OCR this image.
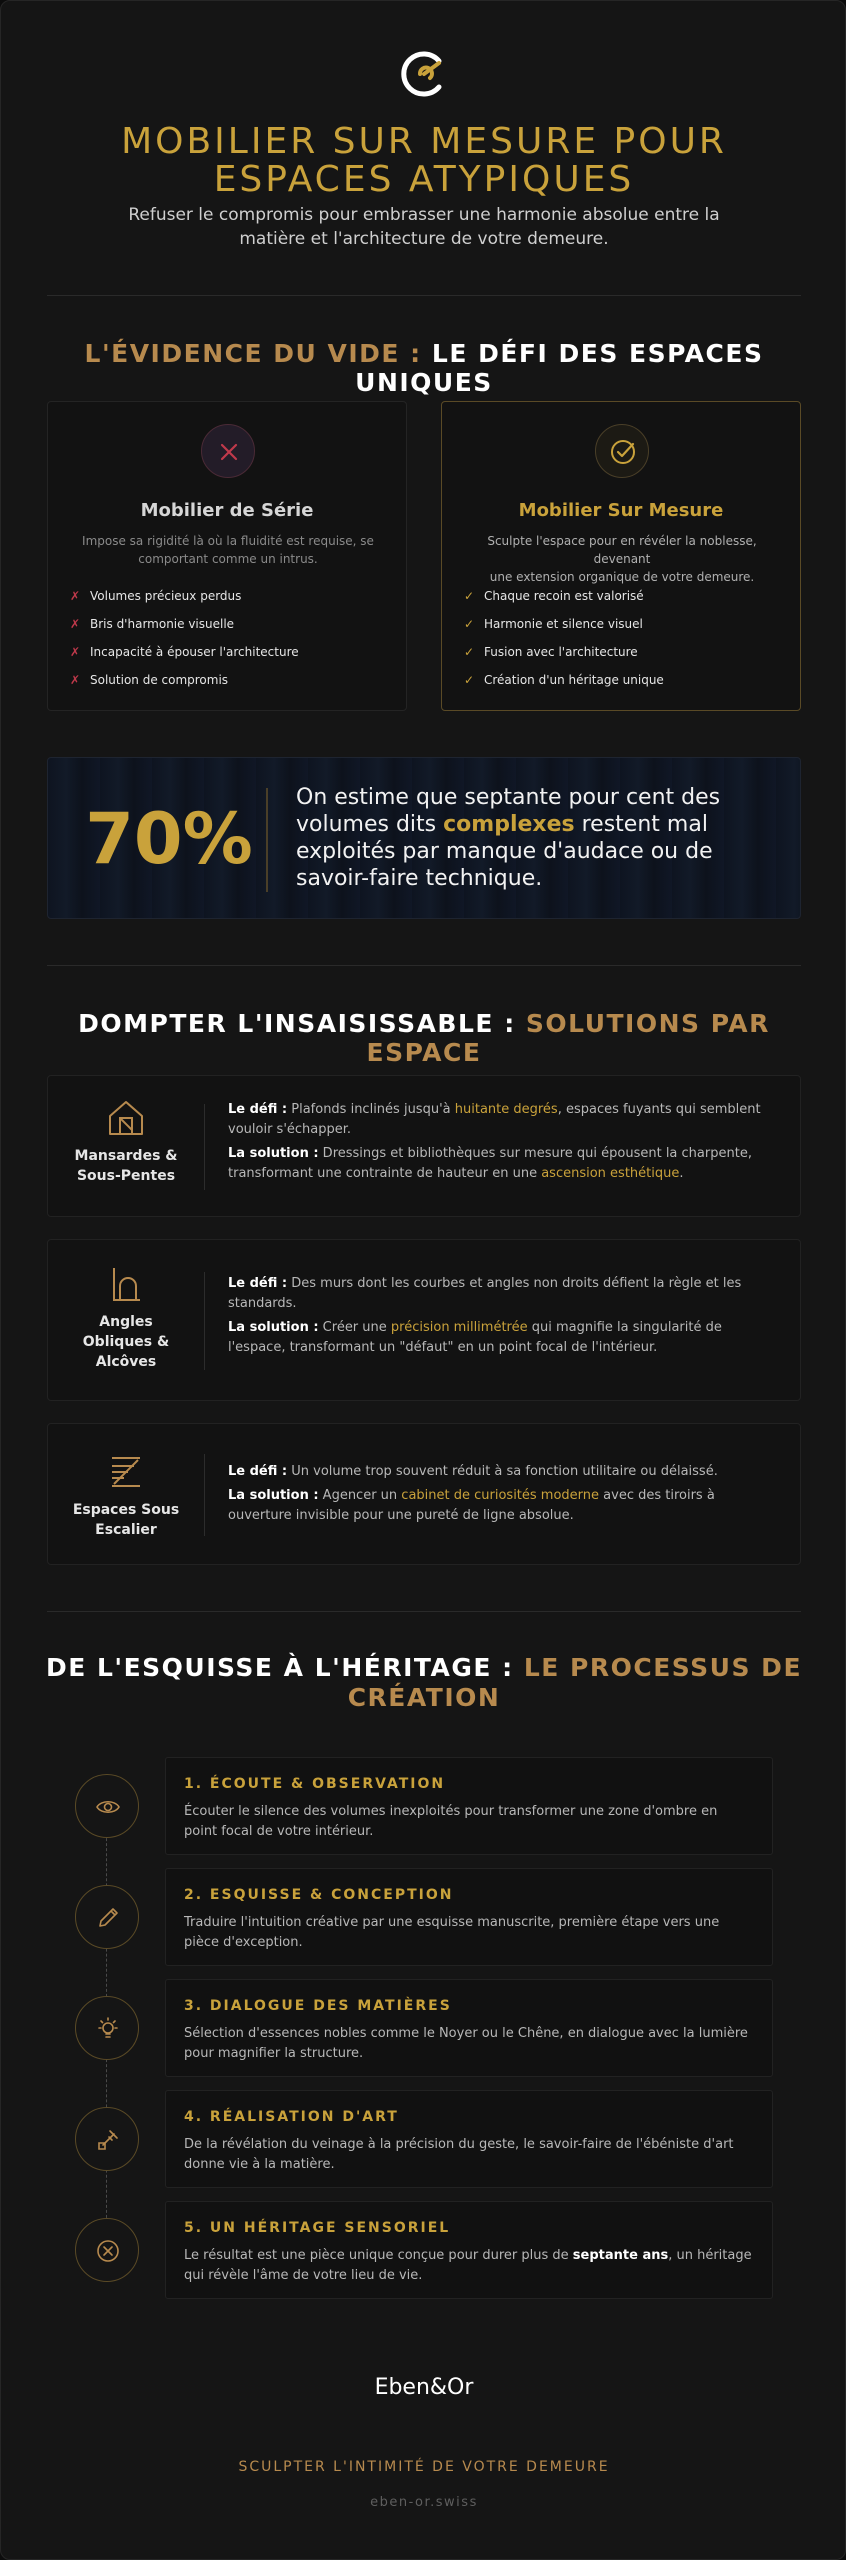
MOBILIER SUR MESURE POUR
ESPACES ATYPIQUES

Refuser le compromis pour embrasser une harmonie absolue entre la
matière et l'architecture de votre demeure.

L'ÉVIDENCE DU VIDE : LE DÉFI DES ESPACES UNIQUES
Mobilier de Série

Impose sa rigidité là où la fluidité est requise, se
comportant comme un intrus.

✗ Volumes précieux perdus
✗ Bris d'harmonie visuelle
✗ Incapacité à épouser l'architecture
✗ Solution de compromis
Mobilier Sur Mesure

Sculpte l'espace pour en révéler la noblesse, devenant
une extension organique de votre demeure.

✓ Chaque recoin est valorisé
✓ Harmonie et silence visuel
✓ Fusion avec l'architecture
✓ Création d'un héritage unique
70%

On estime que septante pour cent des volumes dits complexes restent mal exploités par manque d'audace ou de savoir-faire technique.

DOMPTER L'INSAISISSABLE : SOLUTIONS PAR ESPACE
Mansardes &
Sous-Pentes

Le défi : Plafonds inclinés jusqu'à huitante degrés, espaces fuyants qui semblent vouloir s'échapper.

La solution : Dressings et bibliothèques sur mesure qui épousent la charpente, transformant une contrainte de hauteur en une ascension esthétique.

Angles
Obliques &
Alcôves

Le défi : Des murs dont les courbes et angles non droits défient la règle et les standards.

La solution : Créer une précision millimétrée qui magnifie la singularité de l'espace, transformant un "défaut" en un point focal de l'intérieur.

Espaces Sous
Escalier

Le défi : Un volume trop souvent réduit à sa fonction utilitaire ou délaissé.

La solution : Agencer un cabinet de curiosités moderne avec des tiroirs à ouverture invisible pour une pureté de ligne absolue.

DE L'ESQUISSE À L'HÉRITAGE : LE PROCESSUS DE
CRÉATION
1. ÉCOUTE & OBSERVATION

Écouter le silence des volumes inexploités pour transformer une zone d'ombre en point focal de votre intérieur.

2. ESQUISSE & CONCEPTION

Traduire l'intuition créative par une esquisse manuscrite, première étape vers une pièce d'exception.

3. DIALOGUE DES MATIÈRES

Sélection d'essences nobles comme le Noyer ou le Chêne, en dialogue avec la lumière pour magnifier la structure.

4. RÉALISATION D'ART

De la révélation du veinage à la précision du geste, le savoir-faire de l'ébéniste d'art donne vie à la matière.

5. UN HÉRITAGE SENSORIEL

Le résultat est une pièce unique conçue pour durer plus de septante ans, un héritage qui révèle l'âme de votre lieu de vie.

Eben&Or
SCULPTER L'INTIMITÉ DE VOTRE DEMEURE
eben-or.swiss
